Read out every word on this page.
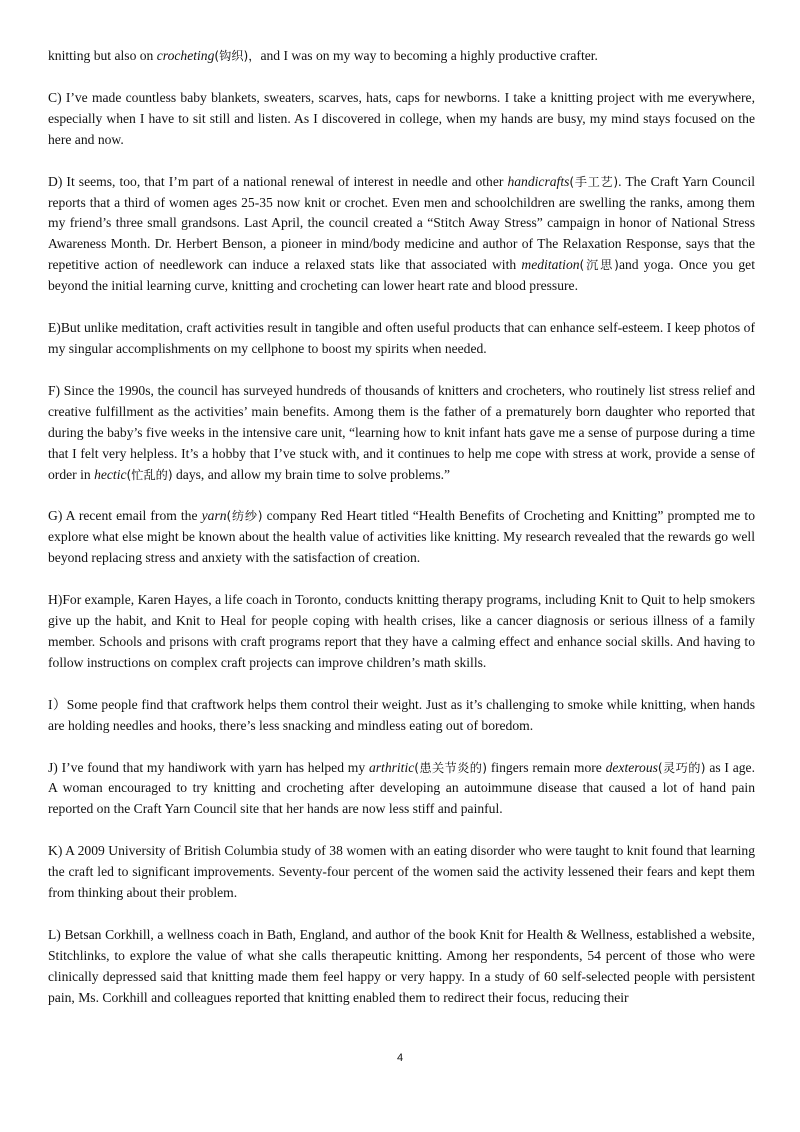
knitting but also on crocheting(钩织)，and I was on my way to becoming a highly productive crafter.

C) I’ve made countless baby blankets, sweaters, scarves, hats, caps for newborns. I take a knitting project with me everywhere, especially when I have to sit still and listen. As I discovered in college, when my hands are busy, my mind stays focused on the here and now.

D) It seems, too, that I’m part of a national renewal of interest in needle and other handicrafts(手工艺). The Craft Yarn Council reports that a third of women ages 25-35 now knit or crochet. Even men and schoolchildren are swelling the ranks, among them my friend’s three small grandsons. Last April, the council created a “Stitch Away Stress” campaign in honor of National Stress Awareness Month. Dr. Herbert Benson, a pioneer in mind/body medicine and author of The Relaxation Response, says that the repetitive action of needlework can induce a relaxed stats like that associated with meditation(沉思)and yoga. Once you get beyond the initial learning curve, knitting and crocheting can lower heart rate and blood pressure.

E)But unlike meditation, craft activities result in tangible and often useful products that can enhance self-esteem. I keep photos of my singular accomplishments on my cellphone to boost my spirits when needed.

F) Since the 1990s, the council has surveyed hundreds of thousands of knitters and crocheters, who routinely list stress relief and creative fulfillment as the activities’ main benefits. Among them is the father of a prematurely born daughter who reported that during the baby’s five weeks in the intensive care unit, “learning how to knit infant hats gave me a sense of purpose during a time that I felt very helpless. It’s a hobby that I’ve stuck with, and it continues to help me cope with stress at work, provide a sense of order in hectic(忙乱的) days, and allow my brain time to solve problems.”

G) A recent email from the yarn(纺纱) company Red Heart titled “Health Benefits of Crocheting and Knitting” prompted me to explore what else might be known about the health value of activities like knitting. My research revealed that the rewards go well beyond replacing stress and anxiety with the satisfaction of creation.

H)For example, Karen Hayes, a life coach in Toronto, conducts knitting therapy programs, including Knit to Quit to help smokers give up the habit, and Knit to Heal for people coping with health crises, like a cancer diagnosis or serious illness of a family member. Schools and prisons with craft programs report that they have a calming effect and enhance social skills. And having to follow instructions on complex craft projects can improve children’s math skills.

I）Some people find that craftwork helps them control their weight. Just as it’s challenging to smoke while knitting, when hands are holding needles and hooks, there’s less snacking and mindless eating out of boredom.

J) I’ve found that my handiwork with yarn has helped my arthritic(患关节炎的) fingers remain more dexterous(灵巧的) as I age. A woman encouraged to try knitting and crocheting after developing an autoimmune disease that caused a lot of hand pain reported on the Craft Yarn Council site that her hands are now less stiff and painful.

K) A 2009 University of British Columbia study of 38 women with an eating disorder who were taught to knit found that learning the craft led to significant improvements. Seventy-four percent of the women said the activity lessened their fears and kept them from thinking about their problem.

L) Betsan Corkhill, a wellness coach in Bath, England, and author of the book Knit for Health & Wellness, established a website, Stitchlinks, to explore the value of what she calls therapeutic knitting. Among her respondents, 54 percent of those who were clinically depressed said that knitting made them feel happy or very happy. In a study of 60 self-selected people with persistent pain, Ms. Corkhill and colleagues reported that knitting enabled them to redirect their focus, reducing their

4
